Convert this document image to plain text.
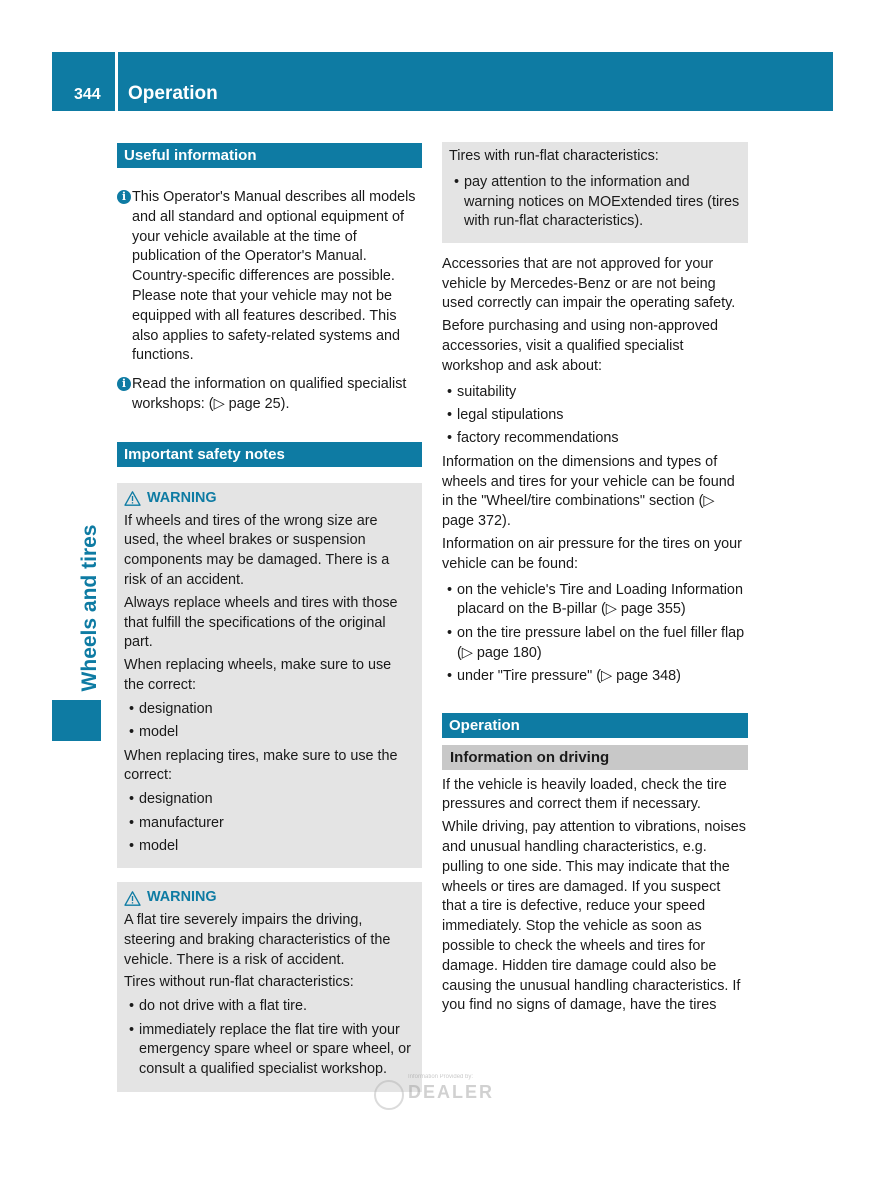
344 Operation
Wheels and tires
Useful information

i This Operator's Manual describes all models and all standard and optional equipment of your vehicle available at the time of publication of the Operator's Manual. Country-specific differences are possible. Please note that your vehicle may not be equipped with all features described. This also applies to safety-related systems and functions.

i Read the information on qualified specialist workshops: (▷ page 25).

Important safety notes
WARNING

If wheels and tires of the wrong size are used, the wheel brakes or suspension components may be damaged. There is a risk of an accident.

Always replace wheels and tires with those that fulfill the specifications of the original part.

When replacing wheels, make sure to use the correct:

• designation
• model

When replacing tires, make sure to use the correct:

• designation
• manufacturer
• model
WARNING

A flat tire severely impairs the driving, steering and braking characteristics of the vehicle. There is a risk of accident.

Tires without run-flat characteristics:

• do not drive with a flat tire.
• immediately replace the flat tire with your emergency spare wheel or spare wheel, or consult a qualified specialist workshop.

Tires with run-flat characteristics:

• pay attention to the information and warning notices on MOExtended tires (tires with run-flat characteristics).

Accessories that are not approved for your vehicle by Mercedes-Benz or are not being used correctly can impair the operating safety.

Before purchasing and using non-approved accessories, visit a qualified specialist workshop and ask about:

• suitability
• legal stipulations
• factory recommendations

Information on the dimensions and types of wheels and tires for your vehicle can be found in the "Wheel/tire combinations" section (▷ page 372).

Information on air pressure for the tires on your vehicle can be found:

• on the vehicle's Tire and Loading Information placard on the B-pillar (▷ page 355)
• on the tire pressure label on the fuel filler flap (▷ page 180)
• under "Tire pressure" (▷ page 348)
Operation
Information on driving

If the vehicle is heavily loaded, check the tire pressures and correct them if necessary.

While driving, pay attention to vibrations, noises and unusual handling characteristics, e.g. pulling to one side. This may indicate that the wheels or tires are damaged. If you suspect that a tire is defective, reduce your speed immediately. Stop the vehicle as soon as possible to check the wheels and tires for damage. Hidden tire damage could also be causing the unusual handling characteristics. If you find no signs of damage, have the tires

Information Provided by:
DEALER
